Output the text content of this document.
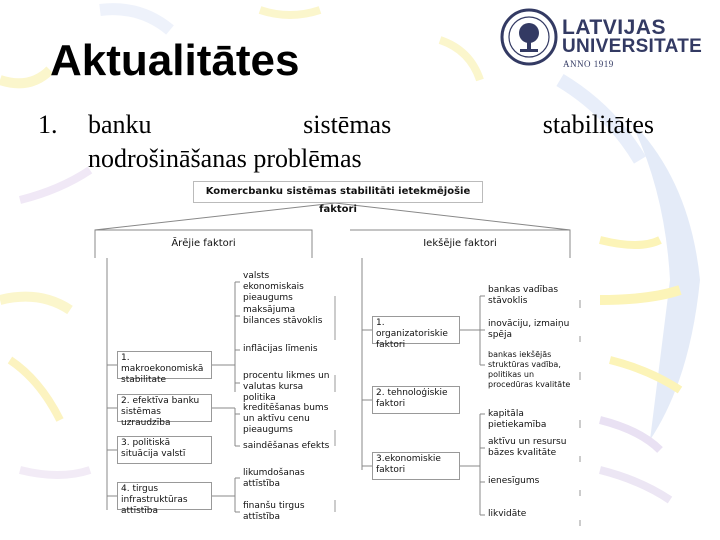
Aktualitātes
LATVIJAS
UNIVERSITATE
ANNO 1919
1. banku	sistēmas	stabilitātes
nodrošināšanas problēmas
Komercbanku sistēmas stabilitāti ietekmējošie faktori
Ārējie faktori	Iekšējie faktori
1. makroekonomiskā stabilitate
2. efektīva banku sistēmas uzraudzība
3. politiskā situācija valstī
4. tirgus infrastruktūras attīstība
valsts ekonomiskais pieaugums
maksājuma bilances stāvoklis
inflācijas līmenis
procentu likmes un valutas kursa politika
kreditēšanas bums un aktīvu cenu pieaugums
saindēšanas efekts
likumdošanas attīstība
finanšu tirgus attīstība
1. organizatoriskie faktori
2. tehnoloģiskie faktori
3.ekonomiskie faktori
bankas vadības stāvoklis
inovāciju, izmaiņu spēja
bankas iekšējās struktūras vadība, politikas un procedūras kvalitāte
kapitāla pietiekamība
aktīvu un resursu bāzes kvalitāte
ienesīgums
likvidāte
